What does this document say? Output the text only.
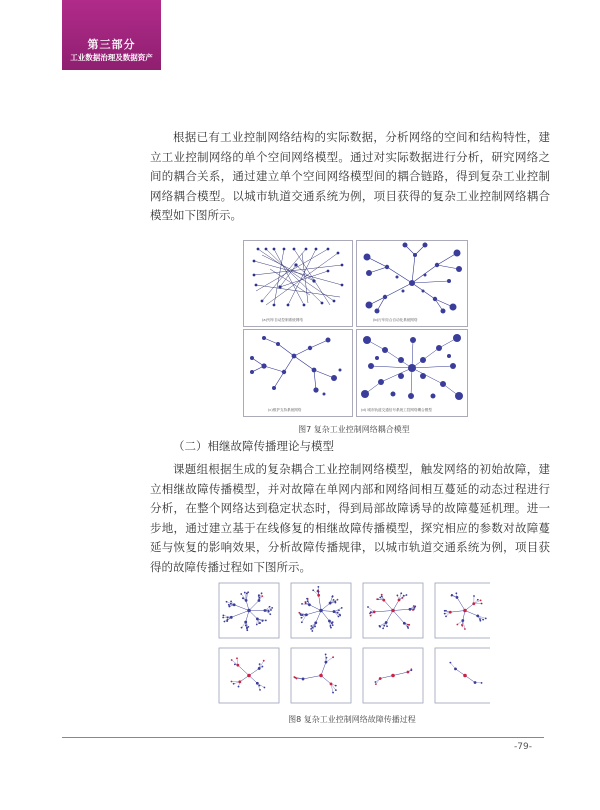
第三部分
工业数据治理及数据资产

根据已有工业控制网络结构的实际数据，分析网络的空间和结构特性，建立工业控制网络的单个空间网络模型。通过对实际数据进行分析，研究网络之间的耦合关系，通过建立单个空间网络模型间的耦合链路，得到复杂工业控制网络耦合模型。以城市轨道交通系统为例，项目获得的复杂工业控制网络耦合模型如下图所示。

(a)列车自动控制系统网络	(b)行车综合自动化系统网络
(c)维护支持系统网络	(d) 城市轨道交通信号系统工控网络耦合模型
图7 复杂工业控制网络耦合模型
（二）相继故障传播理论与模型

课题组根据生成的复杂耦合工业控制网络模型，触发网络的初始故障，建立相继故障传播模型，并对故障在单网内部和网络间相互蔓延的动态过程进行分析，在整个网络达到稳定状态时，得到局部故障诱导的故障蔓延机理。进一步地，通过建立基于在线修复的相继故障传播模型，探究相应的参数对故障蔓延与恢复的影响效果，分析故障传播规律，以城市轨道交通系统为例，项目获得的故障传播过程如下图所示。

图8 复杂工业控制网络故障传播过程
-79-
